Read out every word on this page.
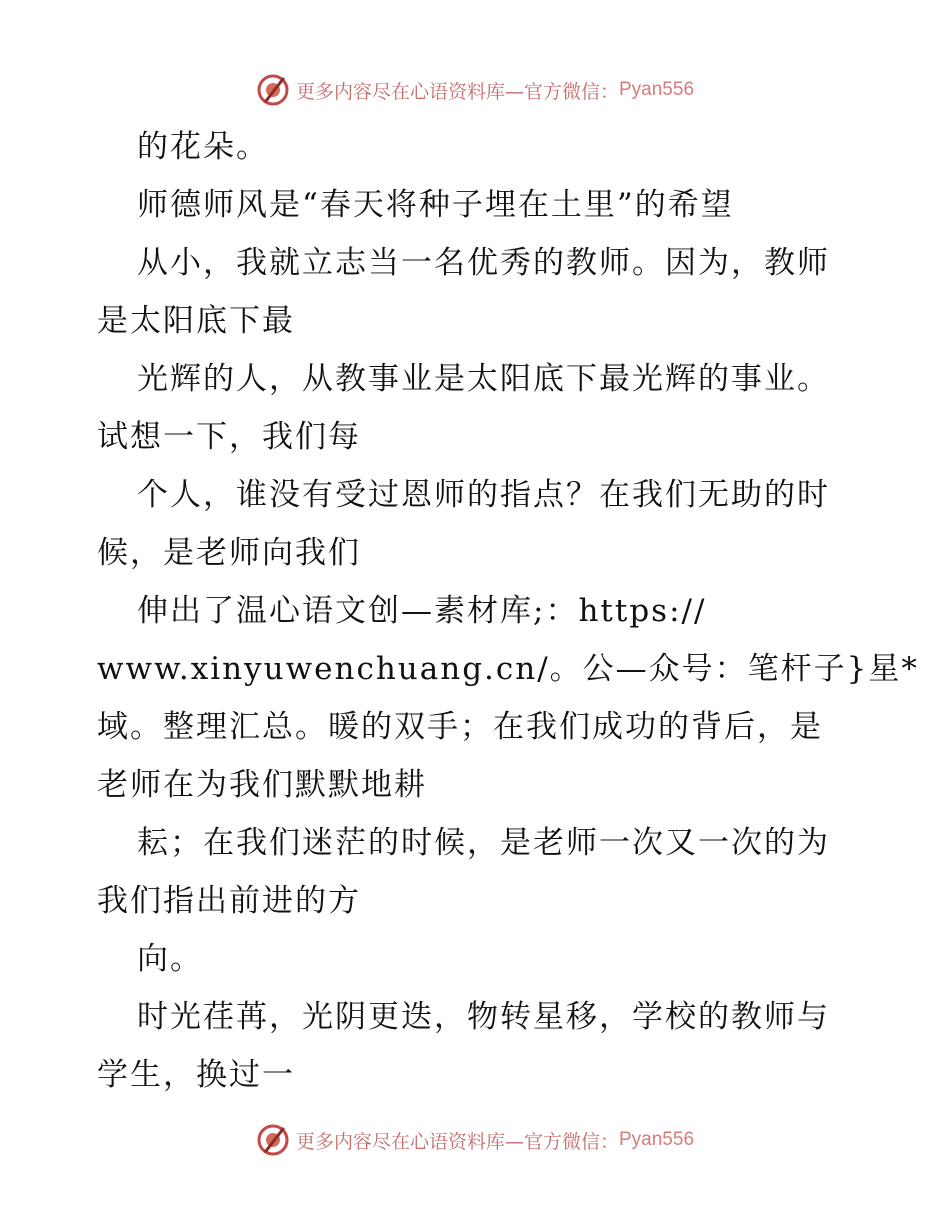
更多内容尽在心语资料库—官方微信： Pyan556
的花朵。
师德师风是“春天将种子埋在土里”的希望
从小，我就立志当一名优秀的教师。因为，教师
是太阳底下最
光辉的人，从教事业是太阳底下最光辉的事业。
试想一下，我们每
个人，谁没有受过恩师的指点？在我们无助的时
候，是老师向我们
伸出了温心语文创—素材库;：https://
www.xinyuwenchuang.cn/。公—众号：笔杆子}星*
域。整理汇总。暖的双手；在我们成功的背后，是
老师在为我们默默地耕
耘；在我们迷茫的时候，是老师一次又一次的为
我们指出前进的方
向。
时光荏苒，光阴更迭，物转星移，学校的教师与
学生，换过一
更多内容尽在心语资料库—官方微信： Pyan556
